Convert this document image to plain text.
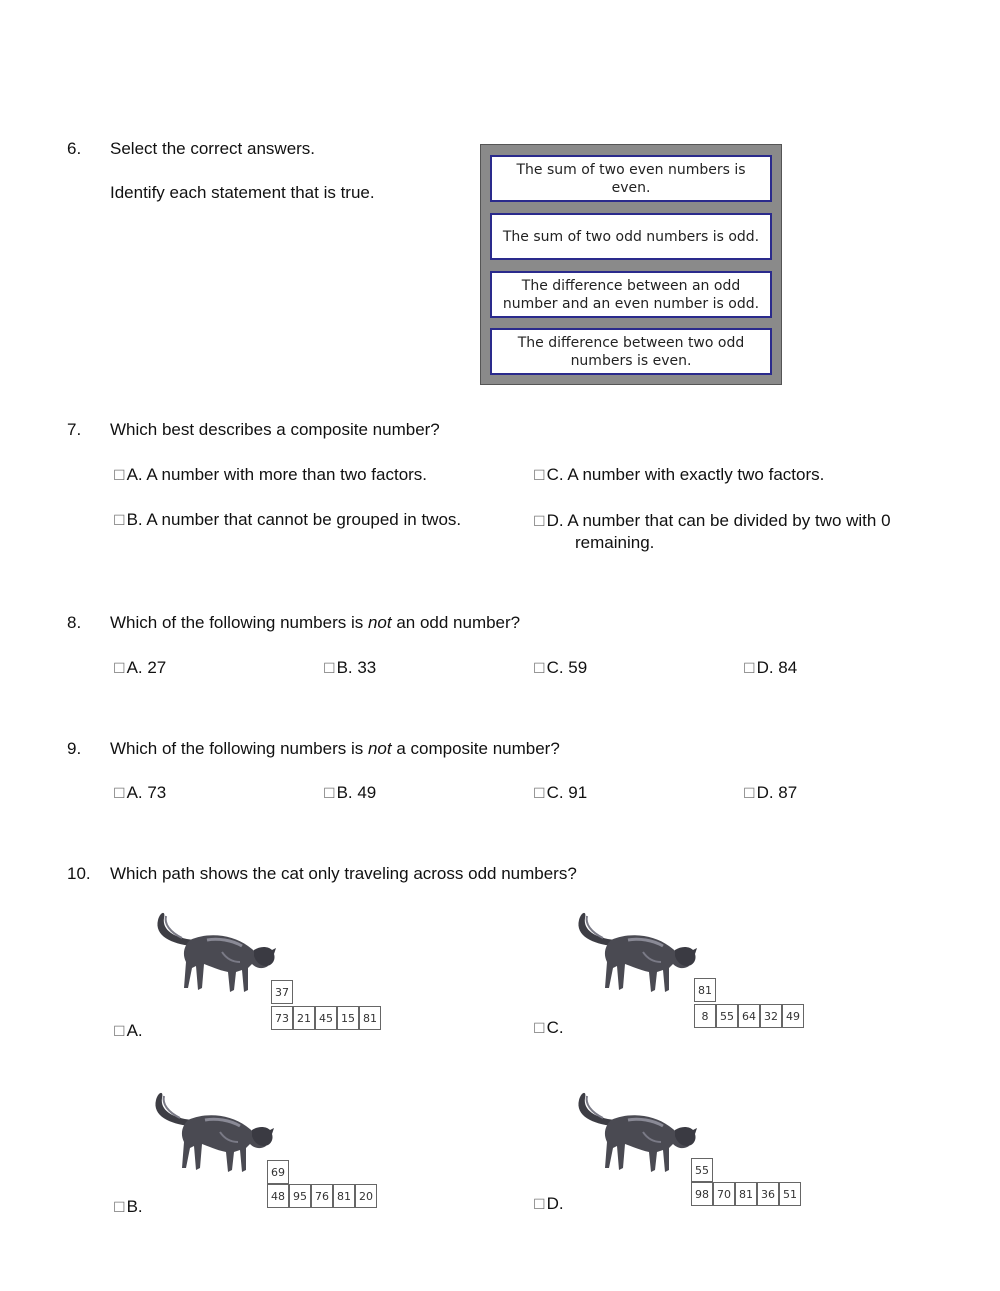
6. Select the correct answers.
Identify each statement that is true.
The sum of two even numbers is even.
The sum of two odd numbers is odd.
The difference between an odd number and an even number is odd.
The difference between two odd numbers is even.
7. Which best describes a composite number?
☐A. A number with more than two factors.	☐C. A number with exactly two factors.
☐B. A number that cannot be grouped in twos.	☐D. A number that can be divided by two with 0 remaining.
8. Which of the following numbers is not an odd number?
☐A. 27	☐B. 33	☐C. 59	☐D. 84
9. Which of the following numbers is not a composite number?
☐A. 73	☐B. 49	☐C. 91	☐D. 87
10. Which path shows the cat only traveling across odd numbers?
37
73 21 45 15 81
☐A.
81
8	55 64 32 49
☐C.
69
48 95 76 81 20
☐B.
55
98 70 81 36 51
☐D.
